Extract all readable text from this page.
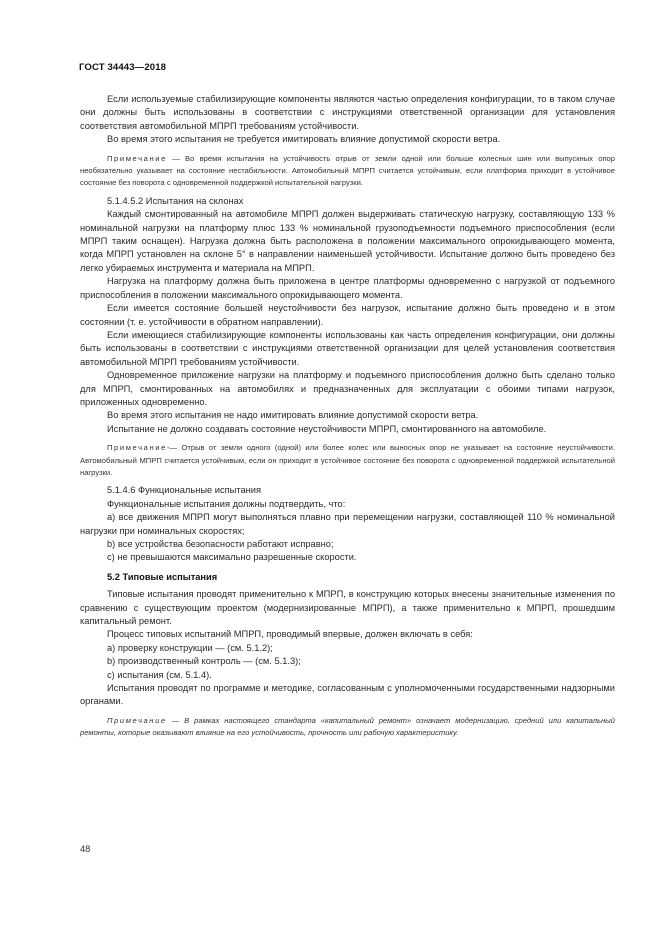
ГОСТ 34443—2018

Если используемые стабилизирующие компоненты являются частью определения конфигурации, то в таком случае они должны быть использованы в соответствии с инструкциями ответственной организации для установления соответствия автомобильной МПРП требованиям устойчивости.

Во время этого испытания не требуется имитировать влияние допустимой скорости ветра.

Примечание — Во время испытания на устойчивость отрыв от земли одной или больше колесных шин или выпускных опор необязательно указывает на состояние нестабильности. Автомобильный МПРП считается устойчивым, если платформа приходит в устойчивое состояние без поворота с одновременной поддержкой испытательной нагрузки.

5.1.4.5.2 Испытания на склонах

Каждый смонтированный на автомобиле МПРП должен выдерживать статическую нагрузку, составляющую 133 % номинальной нагрузки на платформу плюс 133 % номинальной грузоподъемности подъемного приспособления (если МПРП таким оснащен). Нагрузка должна быть расположена в положении максимального опрокидывающего момента, когда МПРП установлен на склоне 5° в направлении наименьшей устойчивости. Испытание должно быть проведено без легко убираемых инструмента и материала на МПРП.

Нагрузка на платформу должна быть приложена в центре платформы одновременно с нагрузкой от подъемного приспособления в положении максимального опрокидывающего момента.

Если имеется состояние большей неустойчивости без нагрузок, испытание должно быть проведено и в этом состоянии (т. е. устойчивости в обратном направлении).

Если имеющиеся стабилизирующие компоненты использованы как часть определения конфигурации, они должны быть использованы в соответствии с инструкциями ответственной организации для целей установления соответствия автомобильной МПРП требованиям устойчивости.

Одновременное приложение нагрузки на платформу и подъемного приспособления должно быть сделано только для МПРП, смонтированных на автомобилях и предназначенных для эксплуатации с обоими типами нагрузок, приложенных одновременно.

Во время этого испытания не надо имитировать влияние допустимой скорости ветра.

Испытание не должно создавать состояние неустойчивости МПРП, смонтированного на автомобиле.

Примечание-— Отрыв от земли одного (одной) или более колес или выносных опор не указывает на состояние неустойчивости. Автомобильный МПРП считается устойчивым, если он приходит в устойчивое состояние без поворота с одновременной поддержкой испытательной нагрузки.

5.1.4.6 Функциональные испытания

Функциональные испытания должны подтвердить, что:

a) все движения МПРП могут выполняться плавно при перемещении нагрузки, составляющей 110 % номинальной нагрузки при номинальных скоростях;

b) все устройства безопасности работают исправно;

c) не превышаются максимально разрешенные скорости.

5.2 Типовые испытания

Типовые испытания проводят применительно к МПРП, в конструкцию которых внесены значительные изменения по сравнению с существующим проектом (модернизированные МПРП), а также применительно к МПРП, прошедшим капитальный ремонт.

Процесс типовых испытаний МПРП, проводимый впервые, должен включать в себя:

a) проверку конструкции — (см. 5.1.2);

b) производственный контроль — (см. 5.1.3);

c) испытания (см. 5.1.4).

Испытания проводят по программе и методике, согласованным с уполномоченными государственными надзорными органами.

Примечание — В рамках настоящего стандарта «капитальный ремонт» означает модернизацию, средний или капитальный ремонты, которые оказывают влияние на его устойчивость, прочность или рабочую характеристику.

48
